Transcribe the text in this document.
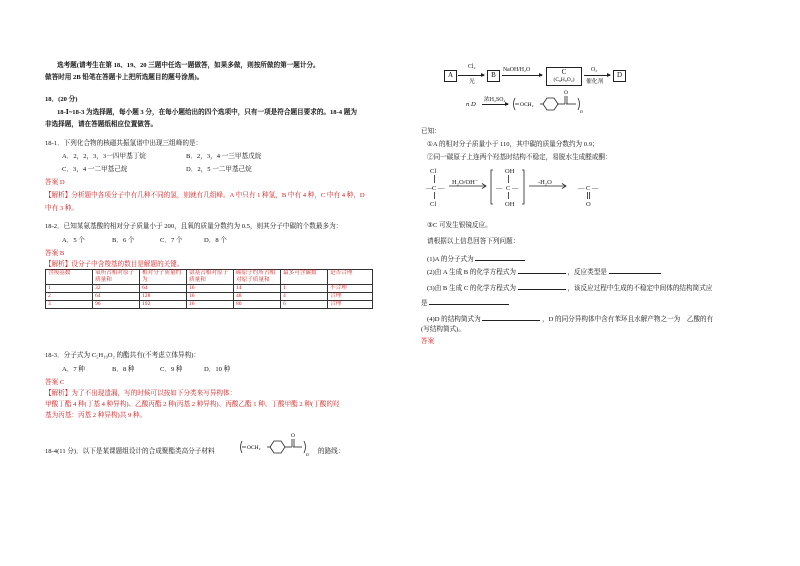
选考题(请考生在第 18、19、20 三题中任选一题做答，如果多做，则按所做的第一题计分。
做答时用 2B 铅笔在答题卡上把所选题目的题号涂黑)。
18．(20 分)
18-Ⅰ~18-3 为选择题，每小题 3 分，在每小题给出的四个选项中，只有一项是符合题目要求的。18-4 题为
非选择题，请在答题纸相应位置做答。
18-1．下列化合物的核磁共振氢谱中出现三组峰的是：
A．2，2，3，3一四甲基丁烷	B．2，3，4 一三甲基戊烷
C．3，4 一二甲基己烷	D．2，5 一二甲基己烷
答案 D
【解析】分析题中各项分子中有几种不同的氢，则就有几组峰。A 中只有 1 种氢，B 中有 4 种，C 中有 4 种，D
中有 3 种。
18-2．已知某氨基酸的相对分子质量小于 200，且氧的质量分数约为 0.5，则其分子中碳的个数最多为：
A．5 个	B．6 个	C．7 个	D．8 个
答案 B
【解析】设分子中含羧基的数目是解题的关键。
含羧基数	氧所占相对原子质量和	相对分子质量约为	氨基占相对原子质量和	碳原子约所占相对原子质量和	最多可含碳数	是否合理
1	32	64	16	14	1	不合理
2	64	128	16	48	4	合理
3	96	192	16	80	6	合理
18-3．分子式为 C₅H₁₀O₂ 的酯共有(不考虑立体异构)：
A．7 种	B．8 种	C．9 种	D．10 种
答案 C
【解析】为了不出现遗漏，写的时候可以按如下分类来写异构体：
甲酸丁酯 4 种(丁基 4 种异构)、乙酸丙酯 2 种(丙基 2 种异构)、丙酸乙酯 1 种、丁酸甲酯 2 种(丁酸的羟
基为丙基：丙基 2 种异构)共 9 种。
18-4(11 分)．以下是某课题组设计的合成聚酯类高分子材料	OCH₂
O
n 的路线：
A
Cl₂
光
B
NaOH/H₂O	C
(C₈H₈O₂)
O₂
催化剂
D
n D
浓H₂SO₄
OCH₂
O
n
已知：
①A 的相对分子质量小于 110，其中碳的质量分数约为 0.9；
②同一碳原子上连两个羟基时结构不稳定，易脱水生成醛或酮：
Cl
Cl
— C —
OH
OH
— C —	— C —
O
H₂O/OH⁻	-H₂O
③C 可发生银镜反应。
请根据以上信息回答下列问题：
(1)A 的分子式为
(2)由 A 生成 B 的化学方程式为	，反应类型是
(3)由 B 生成 C 的化学方程式为	，该反应过程中生成的不稳定中间体的结构简式应
是
(4)D 的结构简式为	，D 的同分异构体中含有苯环且水解产物之一为　乙酸的有
(写结构简式)。
答案
